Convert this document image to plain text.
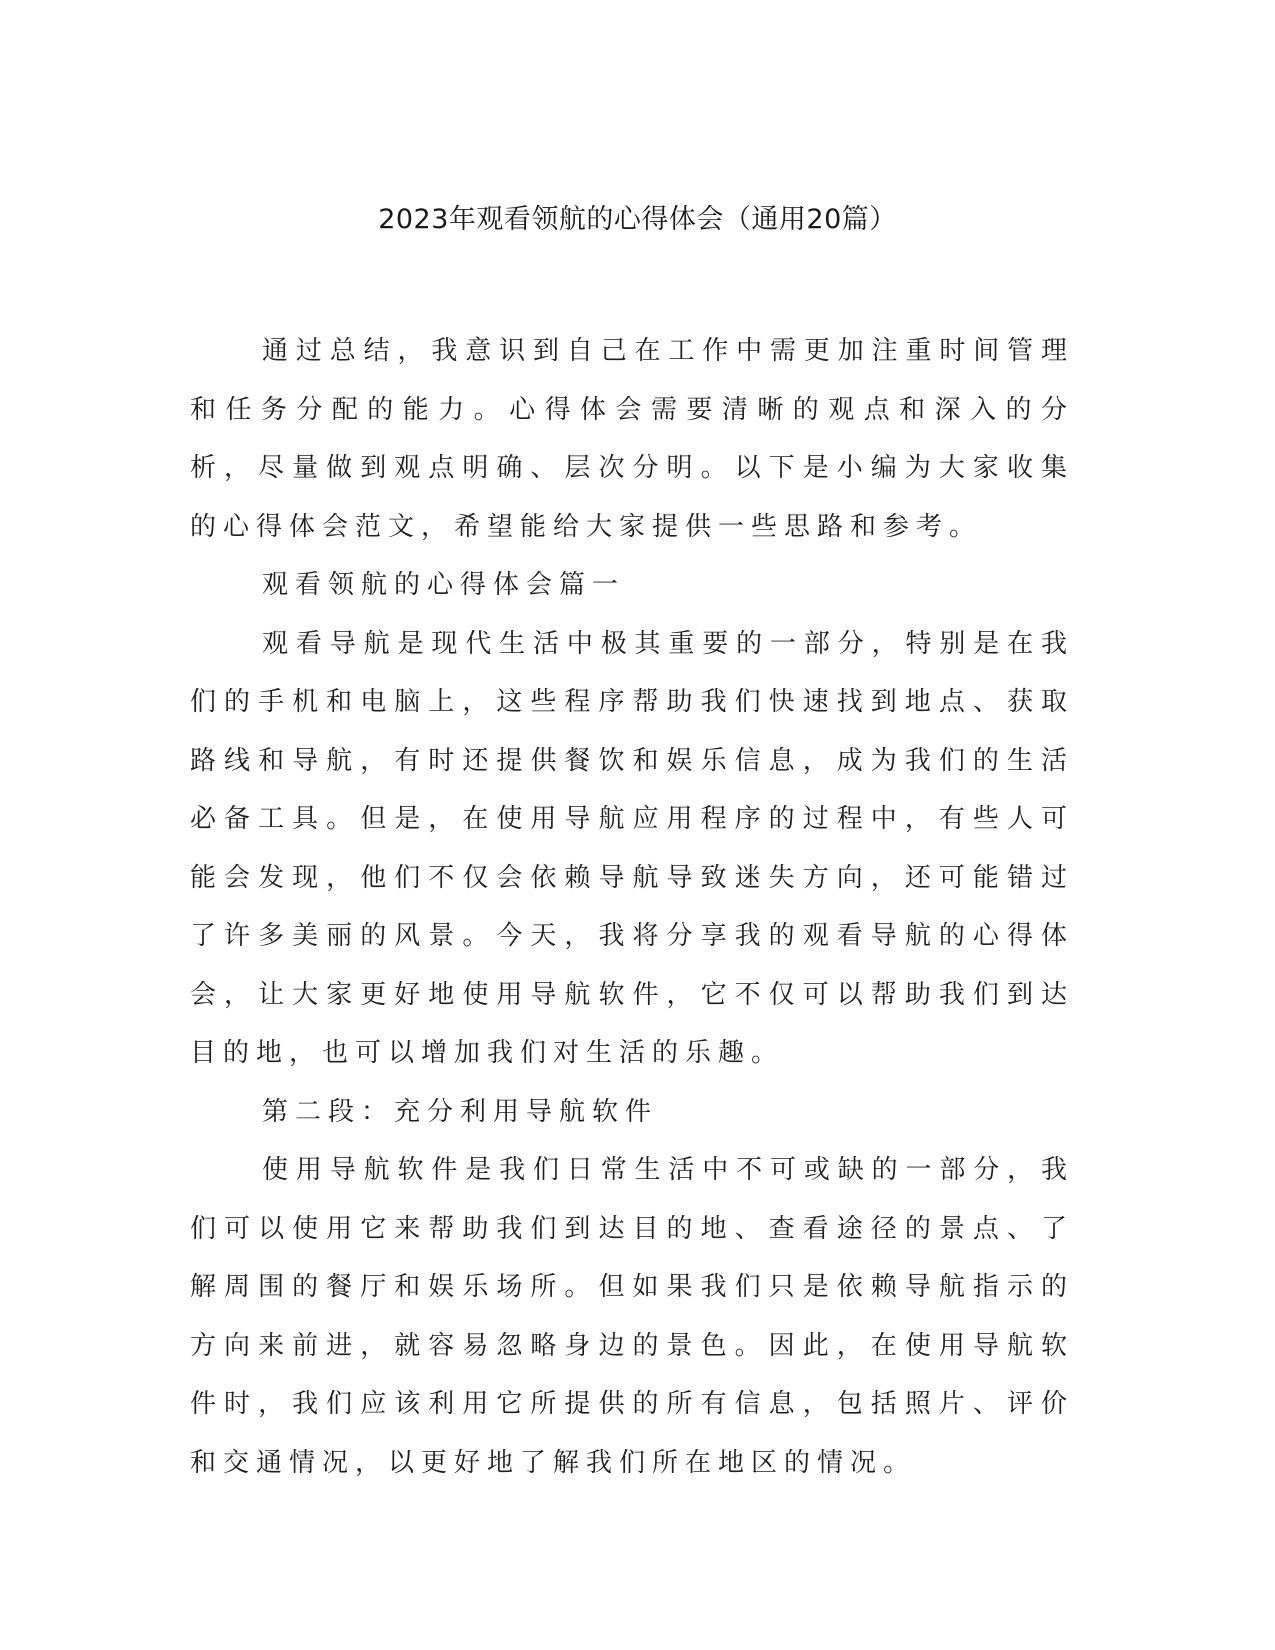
2023年观看领航的心得体会（通用20篇）

通过总结，我意识到自己在工作中需更加注重时间管理和任务分配的能力。心得体会需要清晰的观点和深入的分析，尽量做到观点明确、层次分明。以下是小编为大家收集的心得体会范文，希望能给大家提供一些思路和参考。

观看领航的心得体会篇一

观看导航是现代生活中极其重要的一部分，特别是在我们的手机和电脑上，这些程序帮助我们快速找到地点、获取路线和导航，有时还提供餐饮和娱乐信息，成为我们的生活必备工具。但是，在使用导航应用程序的过程中，有些人可能会发现，他们不仅会依赖导航导致迷失方向，还可能错过了许多美丽的风景。今天，我将分享我的观看导航的心得体会，让大家更好地使用导航软件，它不仅可以帮助我们到达目的地，也可以增加我们对生活的乐趣。

第二段：充分利用导航软件

使用导航软件是我们日常生活中不可或缺的一部分，我们可以使用它来帮助我们到达目的地、查看途径的景点、了解周围的餐厅和娱乐场所。但如果我们只是依赖导航指示的方向来前进，就容易忽略身边的景色。因此，在使用导航软件时，我们应该利用它所提供的所有信息，包括照片、评价和交通情况，以更好地了解我们所在地区的情况。
